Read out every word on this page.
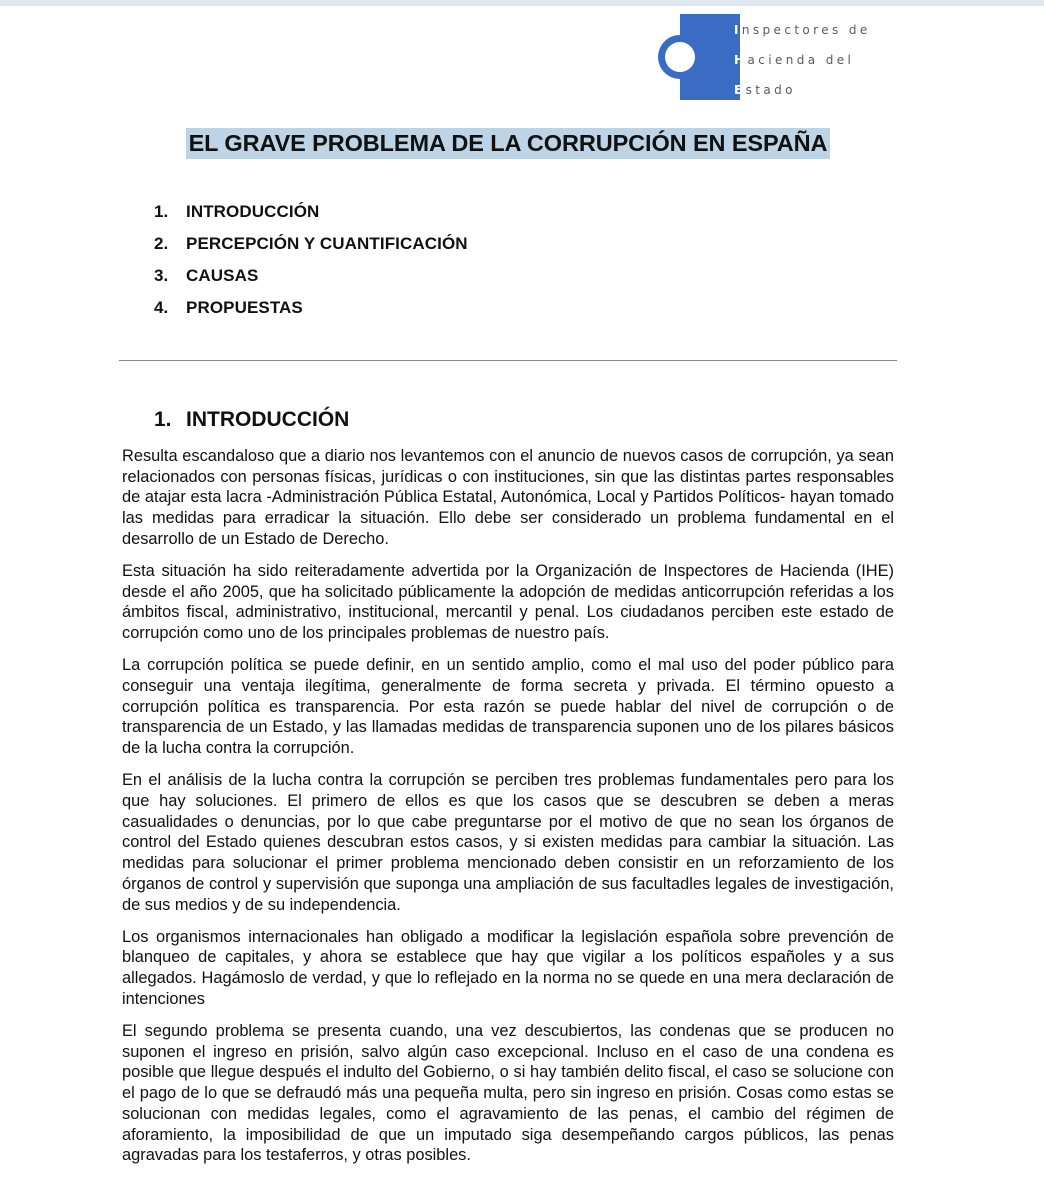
Inspectores de
Hacienda del
Estado
EL GRAVE PROBLEMA DE LA CORRUPCIÓN EN ESPAÑA
1. INTRODUCCIÓN
2. PERCEPCIÓN Y CUANTIFICACIÓN
3. CAUSAS
4. PROPUESTAS
1. INTRODUCCIÓN

Resulta escandaloso que a diario nos levantemos con el anuncio de nuevos casos de corrupción, ya sean relacionados con personas físicas, jurídicas o con instituciones, sin que las distintas partes responsables de atajar esta lacra -Administración Pública Estatal, Autonómica, Local y Partidos Políticos- hayan tomado las medidas para erradicar la situación. Ello debe ser considerado un problema fundamental en el desarrollo de un Estado de Derecho.

Esta situación ha sido reiteradamente advertida por la Organización de Inspectores de Hacienda (IHE) desde el año 2005, que ha solicitado públicamente la adopción de medidas anticorrupción referidas a los ámbitos fiscal, administrativo, institucional, mercantil y penal. Los ciudadanos perciben este estado de corrupción como uno de los principales problemas de nuestro país.

La corrupción política se puede definir, en un sentido amplio, como el mal uso del poder público para conseguir una ventaja ilegítima, generalmente de forma secreta y privada. El término opuesto a corrupción política es transparencia. Por esta razón se puede hablar del nivel de corrupción o de transparencia de un Estado, y las llamadas medidas de transparencia suponen uno de los pilares básicos de la lucha contra la corrupción.

En el análisis de la lucha contra la corrupción se perciben tres problemas fundamentales pero para los que hay soluciones. El primero de ellos es que los casos que se descubren se deben a meras casualidades o denuncias, por lo que cabe preguntarse por el motivo de que no sean los órganos de control del Estado quienes descubran estos casos, y si existen medidas para cambiar la situación. Las medidas para solucionar el primer problema mencionado deben consistir en un reforzamiento de los órganos de control y supervisión que suponga una ampliación de sus facultadles legales de investigación, de sus medios y de su independencia.

Los organismos internacionales han obligado a modificar la legislación española sobre prevención de blanqueo de capitales, y ahora se establece que hay que vigilar a los políticos españoles y a sus allegados. Hagámoslo de verdad, y que lo reflejado en la norma no se quede en una mera declaración de intenciones

El segundo problema se presenta cuando, una vez descubiertos, las condenas que se producen no suponen el ingreso en prisión, salvo algún caso excepcional. Incluso en el caso de una condena es posible que llegue después el indulto del Gobierno, o si hay también delito fiscal, el caso se solucione con el pago de lo que se defraudó más una pequeña multa, pero sin ingreso en prisión. Cosas como estas se solucionan con medidas legales, como el agravamiento de las penas, el cambio del régimen de aforamiento, la imposibilidad de que un imputado siga desempeñando cargos públicos, las penas agravadas para los testaferros, y otras posibles.
